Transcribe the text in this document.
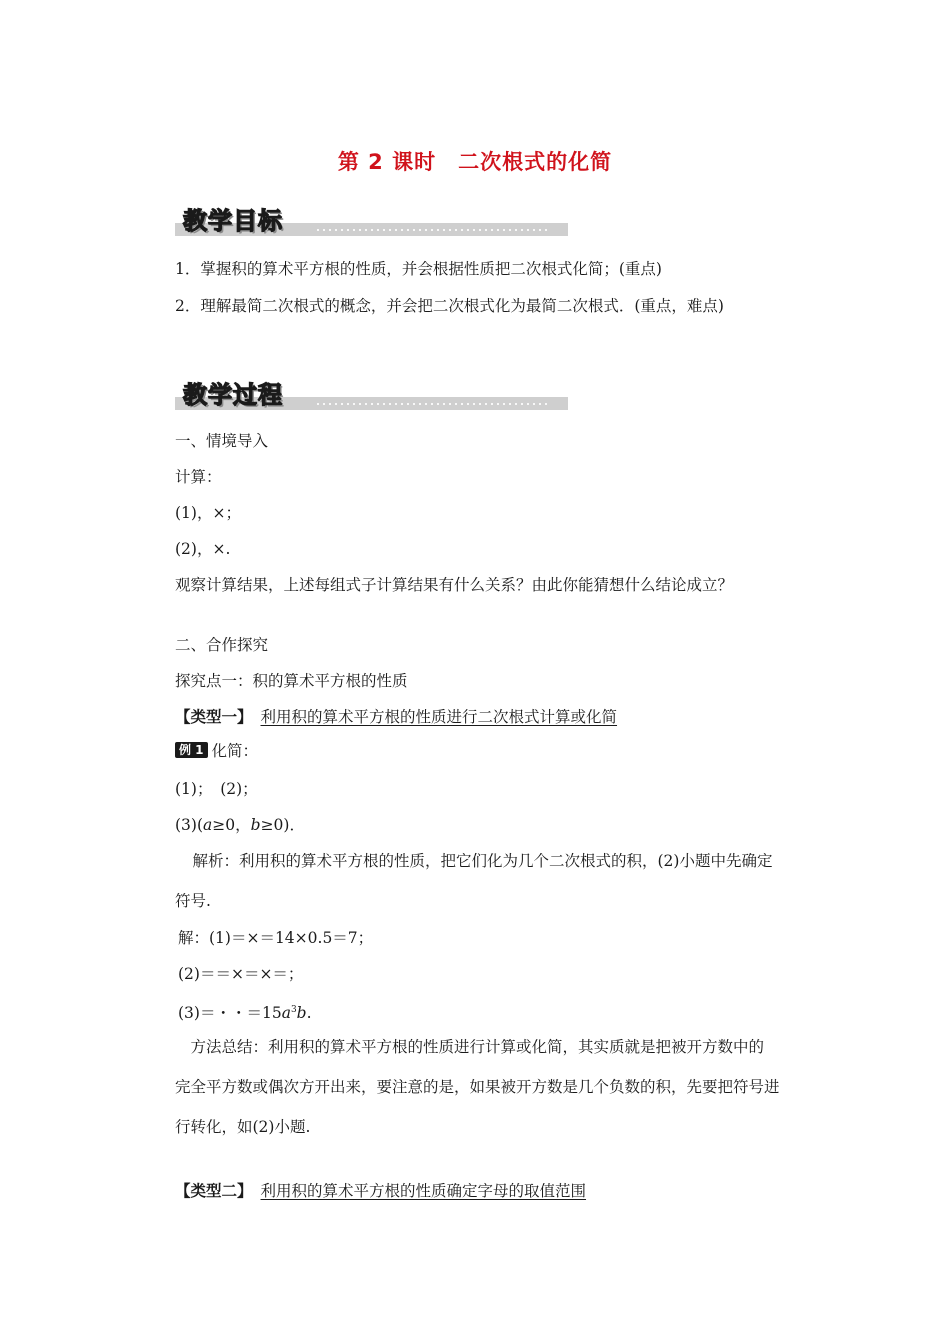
第 2 课时　二次根式的化简
教学目标
1．掌握积的算术平方根的性质，并会根据性质把二次根式化简；(重点)
2．理解最简二次根式的概念，并会把二次根式化为最简二次根式．(重点，难点)
教学过程
一、情境导入
计算：
(1)，×；
(2)，×.
观察计算结果，上述每组式子计算结果有什么关系？由此你能猜想什么结论成立？
二、合作探究
探究点一：积的算术平方根的性质
【类型一】 利用积的算术平方根的性质进行二次根式计算或化简
例 1 化简：
(1)；　(2)；
(3)(a≥0，b≥0)．
 解析：利用积的算术平方根的性质，把它们化为几个二次根式的积，(2)小题中先确定
符号.
解：(1)＝×＝14×0.5＝7；
(2)＝＝×＝×＝；
(3)＝・・$=15a^3b$.
 方法总结：利用积的算术平方根的性质进行计算或化简，其实质就是把被开方数中的
完全平方数或偶次方开出来，要注意的是，如果被开方数是几个负数的积，先要把符号进
行转化，如(2)小题.
【类型二】 利用积的算术平方根的性质确定字母的取值范围
